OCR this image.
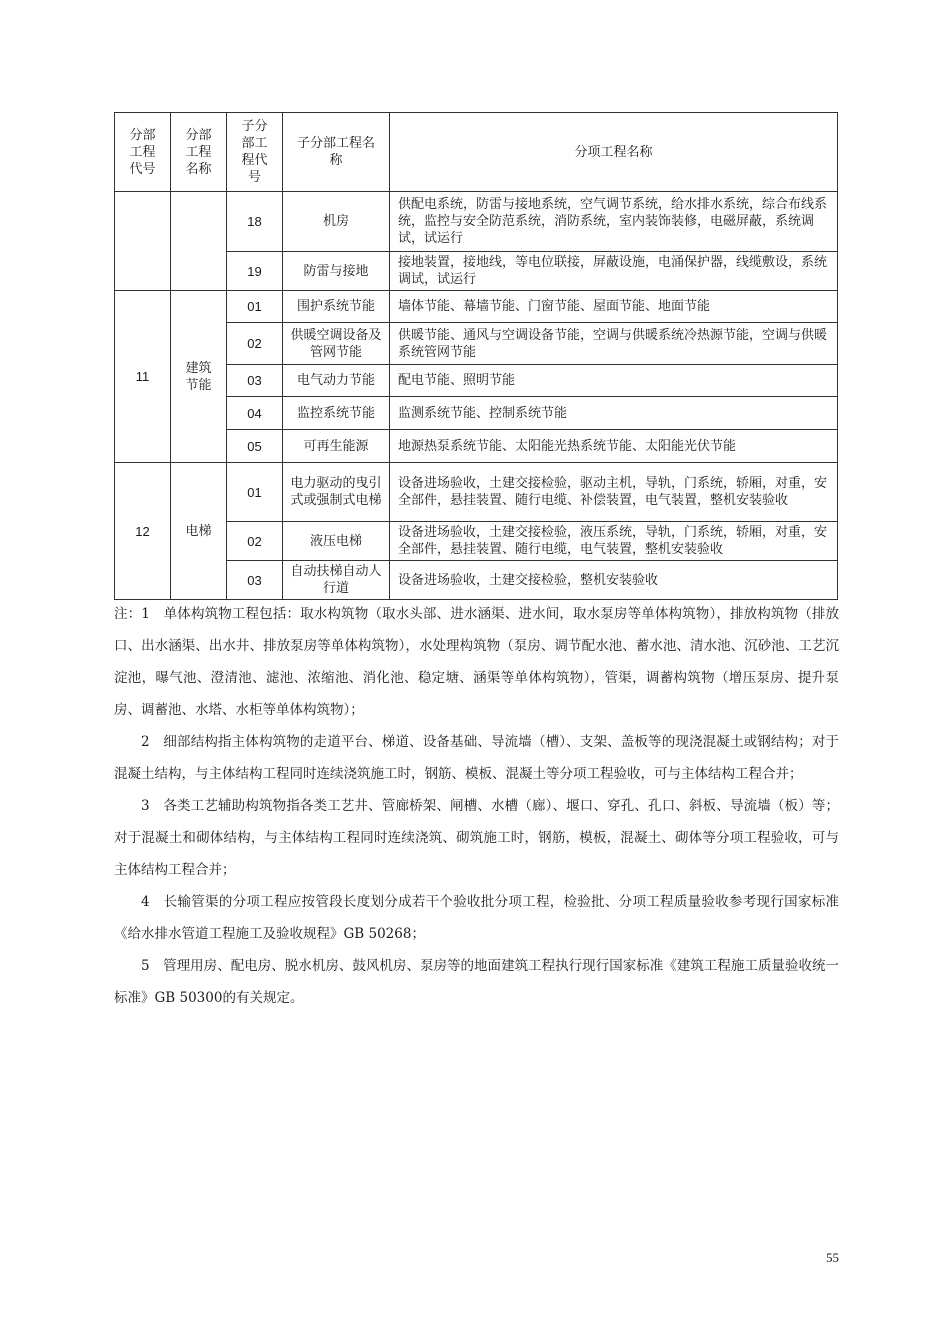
分部工程代号	分部工程名称	子分部工程代号	子分部工程名称	分项工程名称
		18	机房	供配电系统，防雷与接地系统，空气调节系统，给水排水系统，综合布线系统，监控与安全防范系统，消防系统，室内装饰装修，电磁屏蔽，系统调试，试运行
		19	防雷与接地	接地装置，接地线，等电位联接，屏蔽设施，电涌保护器，线缆敷设，系统调试，试运行
11	建筑节能	01	围护系统节能	墙体节能、幕墙节能、门窗节能、屋面节能、地面节能
		02	供暖空调设备及管网节能	供暖节能、通风与空调设备节能，空调与供暖系统冷热源节能，空调与供暖系统管网节能
		03	电气动力节能	配电节能、照明节能
		04	监控系统节能	监测系统节能、控制系统节能
		05	可再生能源	地源热泵系统节能、太阳能光热系统节能、太阳能光伏节能
12	电梯	01	电力驱动的曳引式或强制式电梯	设备进场验收，土建交接检验，驱动主机，导轨，门系统，轿厢，对重，安全部件，悬挂装置、随行电缆、补偿装置，电气装置，整机安装验收
		02	液压电梯	设备进场验收，土建交接检验，液压系统，导轨，门系统，轿厢，对重，安全部件，悬挂装置、随行电缆，电气装置，整机安装验收
		03	自动扶梯自动人行道	设备进场验收，土建交接检验，整机安装验收

注：1　单体构筑物工程包括：取水构筑物（取水头部、进水涵渠、进水间，取水泵房等单体构筑物），排放构筑物（排放口、出水涵渠、出水井、排放泵房等单体构筑物），水处理构筑物（泵房、调节配水池、蓄水池、清水池、沉砂池、工艺沉淀池，曝气池、澄清池、滤池、浓缩池、消化池、稳定塘、涵渠等单体构筑物），管渠，调蓄构筑物（增压泵房、提升泵房、调蓄池、水塔、水柜等单体构筑物）；

2　细部结构指主体构筑物的走道平台、梯道、设备基础、导流墙（槽）、支架、盖板等的现浇混凝土或钢结构；对于混凝土结构，与主体结构工程同时连续浇筑施工时，钢筋、模板、混凝土等分项工程验收，可与主体结构工程合并；

3　各类工艺辅助构筑物指各类工艺井、管廊桥架、闸槽、水槽（廊）、堰口、穿孔、孔口、斜板、导流墙（板）等；对于混凝土和砌体结构，与主体结构工程同时连续浇筑、砌筑施工时，钢筋，模板，混凝土、砌体等分项工程验收，可与主体结构工程合并；

4　长输管渠的分项工程应按管段长度划分成若干个验收批分项工程，检验批、分项工程质量验收参考现行国家标准《给水排水管道工程施工及验收规程》GB 50268；

5　管理用房、配电房、脱水机房、鼓风机房、泵房等的地面建筑工程执行现行国家标准《建筑工程施工质量验收统一标准》GB 50300的有关规定。

55
